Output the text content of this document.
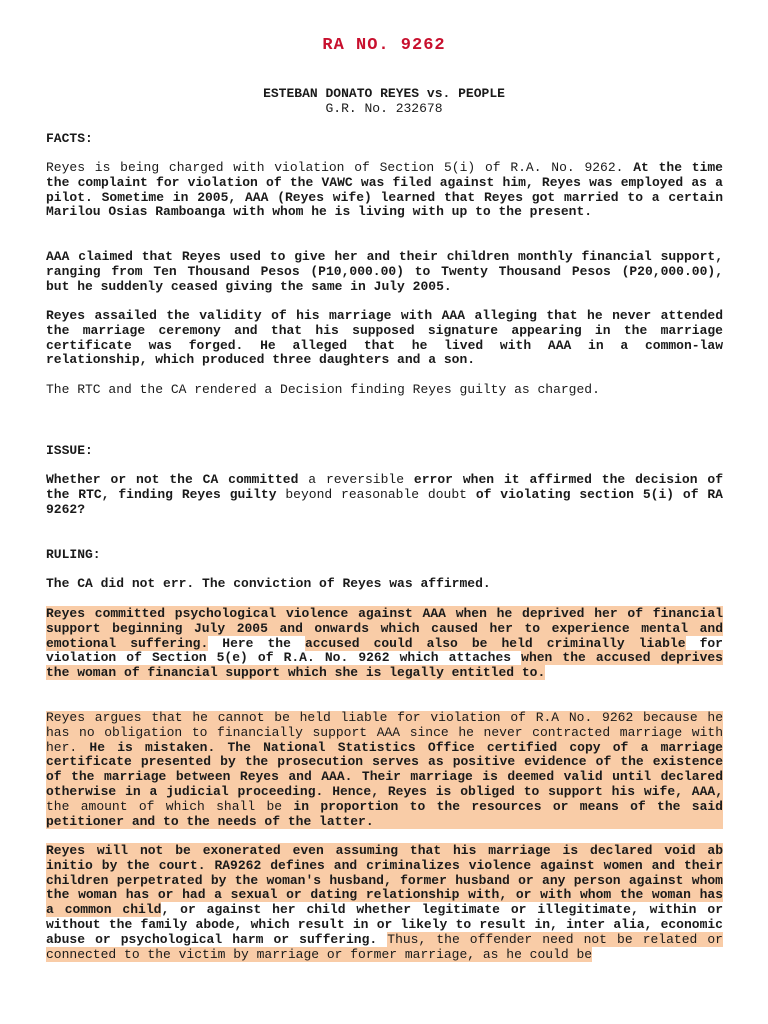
RA NO. 9262

ESTEBAN DONATO REYES vs. PEOPLE

G.R. No. 232678

FACTS:

Reyes is being charged with violation of Section 5(i) of R.A. No. 9262. At the time the complaint for violation of the VAWC was filed against him, Reyes was employed as a pilot. Sometime in 2005, AAA (Reyes wife) learned that Reyes got married to a certain Marilou Osias Ramboanga with whom he is living with up to the present.

AAA claimed that Reyes used to give her and their children monthly financial support, ranging from Ten Thousand Pesos (P10,000.00) to Twenty Thousand Pesos (P20,000.00), but he suddenly ceased giving the same in July 2005.

Reyes assailed the validity of his marriage with AAA alleging that he never attended the marriage ceremony and that his supposed signature appearing in the marriage certificate was forged. He alleged that he lived with AAA in a common-law relationship, which produced three daughters and a son.

The RTC and the CA rendered a Decision finding Reyes guilty as charged.

ISSUE:

Whether or not the CA committed a reversible error when it affirmed the decision of the RTC, finding Reyes guilty beyond reasonable doubt of violating section 5(i) of RA 9262?

RULING:

The CA did not err. The conviction of Reyes was affirmed.

Reyes committed psychological violence against AAA when he deprived her of financial support beginning July 2005 and onwards which caused her to experience mental and emotional suffering. Here the accused could also be held criminally liable for violation of Section 5(e) of R.A. No. 9262 which attaches when the accused deprives the woman of financial support which she is legally entitled to.

Reyes argues that he cannot be held liable for violation of R.A No. 9262 because he has no obligation to financially support AAA since he never contracted marriage with her. He is mistaken. The National Statistics Office certified copy of a marriage certificate presented by the prosecution serves as positive evidence of the existence of the marriage between Reyes and AAA. Their marriage is deemed valid until declared otherwise in a judicial proceeding. Hence, Reyes is obliged to support his wife, AAA, the amount of which shall be in proportion to the resources or means of the said petitioner and to the needs of the latter.

Reyes will not be exonerated even assuming that his marriage is declared void ab initio by the court. RA9262 defines and criminalizes violence against women and their children perpetrated by the woman's husband, former husband or any person against whom the woman has or had a sexual or dating relationship with, or with whom the woman has a common child, or against her child whether legitimate or illegitimate, within or without the family abode, which result in or likely to result in, inter alia, economic abuse or psychological harm or suffering. Thus, the offender need not be related or connected to the victim by marriage or former marriage, as he could be
